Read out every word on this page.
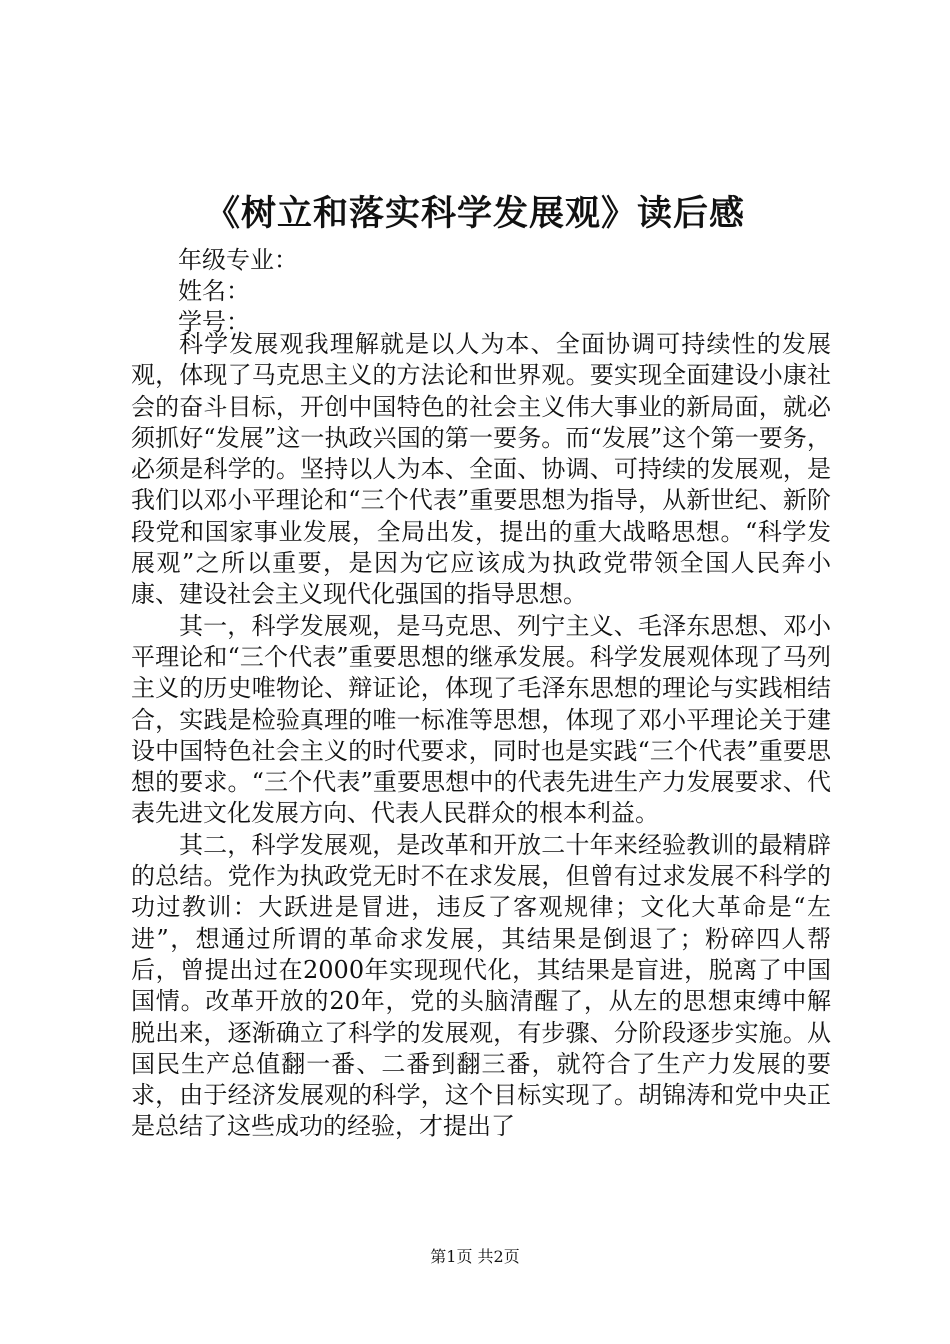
《树立和落实科学发展观》读后感
年级专业：
姓名：
学号：

科学发展观我理解就是以人为本、全面协调可持续性的发展观，体现了马克思主义的方法论和世界观。要实现全面建设小康社会的奋斗目标，开创中国特色的社会主义伟大事业的新局面，就必须抓好“发展”这一执政兴国的第一要务。而“发展”这个第一要务，必须是科学的。坚持以人为本、全面、协调、可持续的发展观，是我们以邓小平理论和“三个代表”重要思想为指导，从新世纪、新阶段党和国家事业发展，全局出发，提出的重大战略思想。“科学发展观”之所以重要，是因为它应该成为执政党带领全国人民奔小康、建设社会主义现代化强国的指导思想。

其一，科学发展观，是马克思、列宁主义、毛泽东思想、邓小平理论和“三个代表”重要思想的继承发展。科学发展观体现了马列主义的历史唯物论、辩证论，体现了毛泽东思想的理论与实践相结合，实践是检验真理的唯一标准等思想，体现了邓小平理论关于建设中国特色社会主义的时代要求，同时也是实践“三个代表”重要思想的要求。“三个代表”重要思想中的代表先进生产力发展要求、代表先进文化发展方向、代表人民群众的根本利益。

其二，科学发展观，是改革和开放二十年来经验教训的最精辟的总结。党作为执政党无时不在求发展，但曾有过求发展不科学的功过教训：大跃进是冒进，违反了客观规律；文化大革命是“左进”，想通过所谓的革命求发展，其结果是倒退了；粉碎四人帮后，曾提出过在2000年实现现代化，其结果是盲进，脱离了中国国情。改革开放的20年，党的头脑清醒了，从左的思想束缚中解脱出来，逐渐确立了科学的发展观，有步骤、分阶段逐步实施。从国民生产总值翻一番、二番到翻三番，就符合了生产力发展的要求，由于经济发展观的科学，这个目标实现了。胡锦涛和党中央正是总结了这些成功的经验，才提出了

第1页 共2页
